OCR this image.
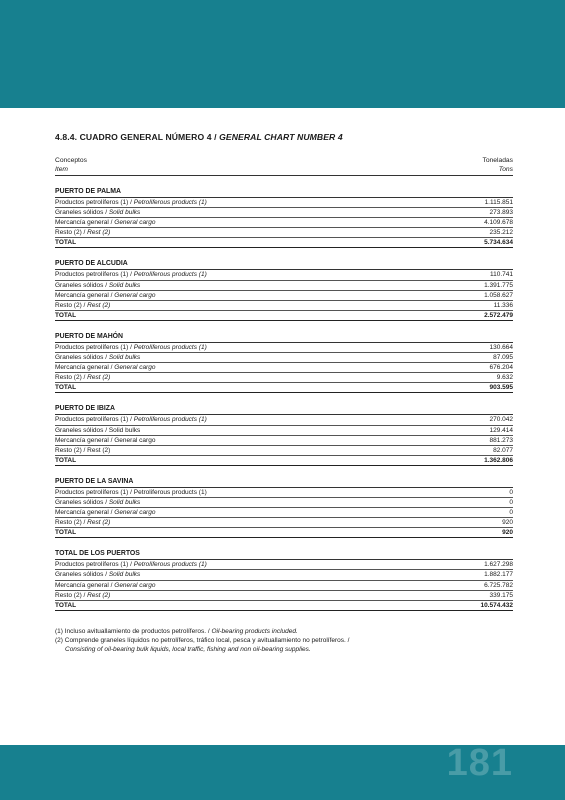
4.8.4. CUADRO GENERAL NÚMERO 4 / GENERAL CHART NUMBER 4
Conceptos	Toneladas
Item	Tons
PUERTO DE PALMA
Productos petrolíferos (1) / Petroliferous products (1)	1.115.851
Graneles sólidos / Solid bulks	273.893
Mercancía general / General cargo	4.109.678
Resto (2) / Rest (2)	235.212
TOTAL	5.734.634
PUERTO DE ALCUDIA
Productos petrolíferos (1) / Petroliferous products (1)	110.741
Graneles sólidos / Solid bulks	1.391.775
Mercancía general / General cargo	1.058.627
Resto (2) / Rest (2)	11.336
TOTAL	2.572.479
PUERTO DE MAHÓN
Productos petrolíferos (1) / Petroliferous products (1)	130.664
Graneles sólidos / Solid bulks	87.095
Mercancía general / General cargo	676.204
Resto (2) / Rest (2)	9.632
TOTAL	903.595
PUERTO DE IBIZA
Productos petrolíferos (1) / Petroliferous products (1)	270.042
Graneles sólidos / Solid bulks	129.414
Mercancía general / General cargo	881.273
Resto (2) / Rest (2)	82.077
TOTAL	1.362.806
PUERTO DE LA SAVINA
Productos petrolíferos (1) / Petroliferous products (1)	0
Graneles sólidos / Solid bulks	0
Mercancía general / General cargo	0
Resto (2) / Rest (2)	920
TOTAL	920
TOTAL DE LOS PUERTOS
Productos petrolíferos (1) / Petroliferous products (1)	1.627.298
Graneles sólidos / Solid bulks	1.882.177
Mercancía general / General cargo	6.725.782
Resto (2) / Rest (2)	339.175
TOTAL	10.574.432
(1) Incluso avituallamiento de productos petrolíferos. / Oil-bearing products included.
(2) Comprende graneles líquidos no petrolíferos, tráfico local, pesca y avituallamiento no petrolíferos. /
Consisting of oil-bearing bulk liquids, local traffic, fishing and non oil-bearing supplies.
181
